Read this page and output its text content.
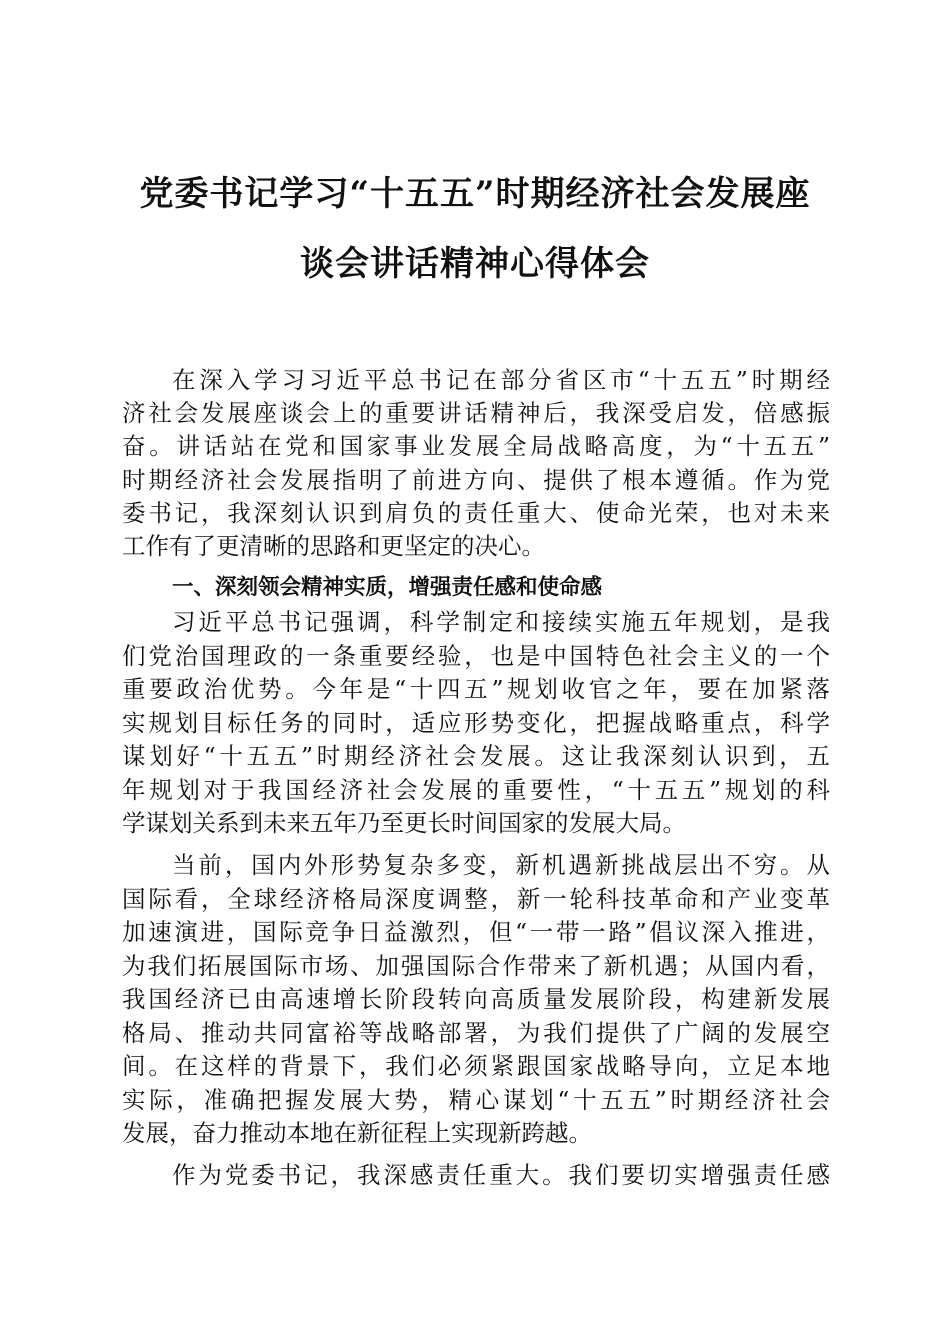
党委书记学习“十五五”时期经济社会发展座
谈会讲话精神心得体会

在深入学习习近平总书记在部分省区市“十五五”时期经

济社会发展座谈会上的重要讲话精神后，我深受启发，倍感振

奋。讲话站在党和国家事业发展全局战略高度，为“十五五”

时期经济社会发展指明了前进方向、提供了根本遵循。作为党

委书记，我深刻认识到肩负的责任重大、使命光荣，也对未来

工作有了更清晰的思路和更坚定的决心。

一、深刻领会精神实质，增强责任感和使命感

习近平总书记强调，科学制定和接续实施五年规划，是我

们党治国理政的一条重要经验，也是中国特色社会主义的一个

重要政治优势。今年是“十四五”规划收官之年，要在加紧落

实规划目标任务的同时，适应形势变化，把握战略重点，科学

谋划好“十五五”时期经济社会发展。这让我深刻认识到，五

年规划对于我国经济社会发展的重要性，“十五五”规划的科

学谋划关系到未来五年乃至更长时间国家的发展大局。

当前，国内外形势复杂多变，新机遇新挑战层出不穷。从

国际看，全球经济格局深度调整，新一轮科技革命和产业变革

加速演进，国际竞争日益激烈，但“一带一路”倡议深入推进，

为我们拓展国际市场、加强国际合作带来了新机遇；从国内看，

我国经济已由高速增长阶段转向高质量发展阶段，构建新发展

格局、推动共同富裕等战略部署，为我们提供了广阔的发展空

间。在这样的背景下，我们必须紧跟国家战略导向，立足本地

实际，准确把握发展大势，精心谋划“十五五”时期经济社会

发展，奋力推动本地在新征程上实现新跨越。

作为党委书记，我深感责任重大。我们要切实增强责任感
